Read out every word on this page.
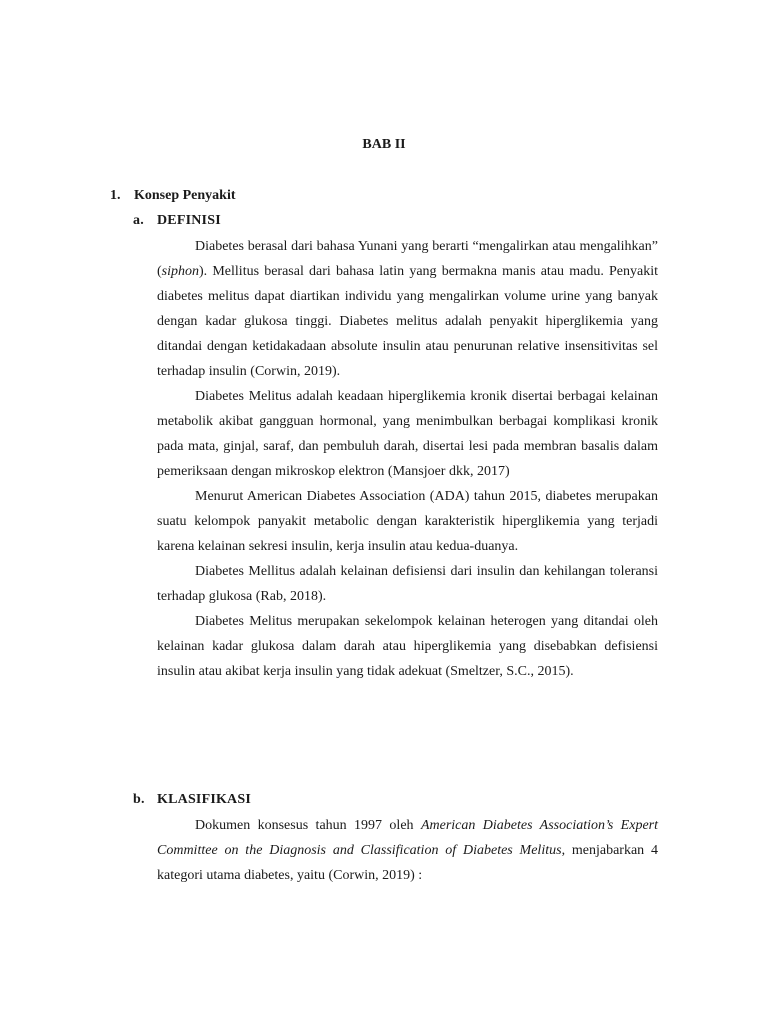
BAB II
1. Konsep Penyakit
a. DEFINISI

Diabetes berasal dari bahasa Yunani yang berarti “mengalirkan atau mengalihkan” (siphon). Mellitus berasal dari bahasa latin yang bermakna manis atau madu. Penyakit diabetes melitus dapat diartikan individu yang mengalirkan volume urine yang banyak dengan kadar glukosa tinggi. Diabetes melitus adalah penyakit hiperglikemia yang ditandai dengan ketidakadaan absolute insulin atau penurunan relative insensitivitas sel terhadap insulin (Corwin, 2019).

Diabetes Melitus adalah keadaan hiperglikemia kronik disertai berbagai kelainan metabolik akibat gangguan hormonal, yang menimbulkan berbagai komplikasi kronik pada mata, ginjal, saraf, dan pembuluh darah, disertai lesi pada membran basalis dalam pemeriksaan dengan mikroskop elektron (Mansjoer dkk, 2017)

Menurut American Diabetes Association (ADA) tahun 2015, diabetes merupakan suatu kelompok panyakit metabolic dengan karakteristik hiperglikemia yang terjadi karena kelainan sekresi insulin, kerja insulin atau kedua-duanya.

Diabetes Mellitus adalah kelainan defisiensi dari insulin dan kehilangan toleransi terhadap glukosa (Rab, 2018).

Diabetes Melitus merupakan sekelompok kelainan heterogen yang ditandai oleh kelainan kadar glukosa dalam darah atau hiperglikemia yang disebabkan defisiensi insulin atau akibat kerja insulin yang tidak adekuat (Smeltzer, S.C., 2015).

b. KLASIFIKASI

Dokumen konsesus tahun 1997 oleh American Diabetes Association’s Expert Committee on the Diagnosis and Classification of Diabetes Melitus, menjabarkan 4 kategori utama diabetes, yaitu (Corwin, 2019) :
